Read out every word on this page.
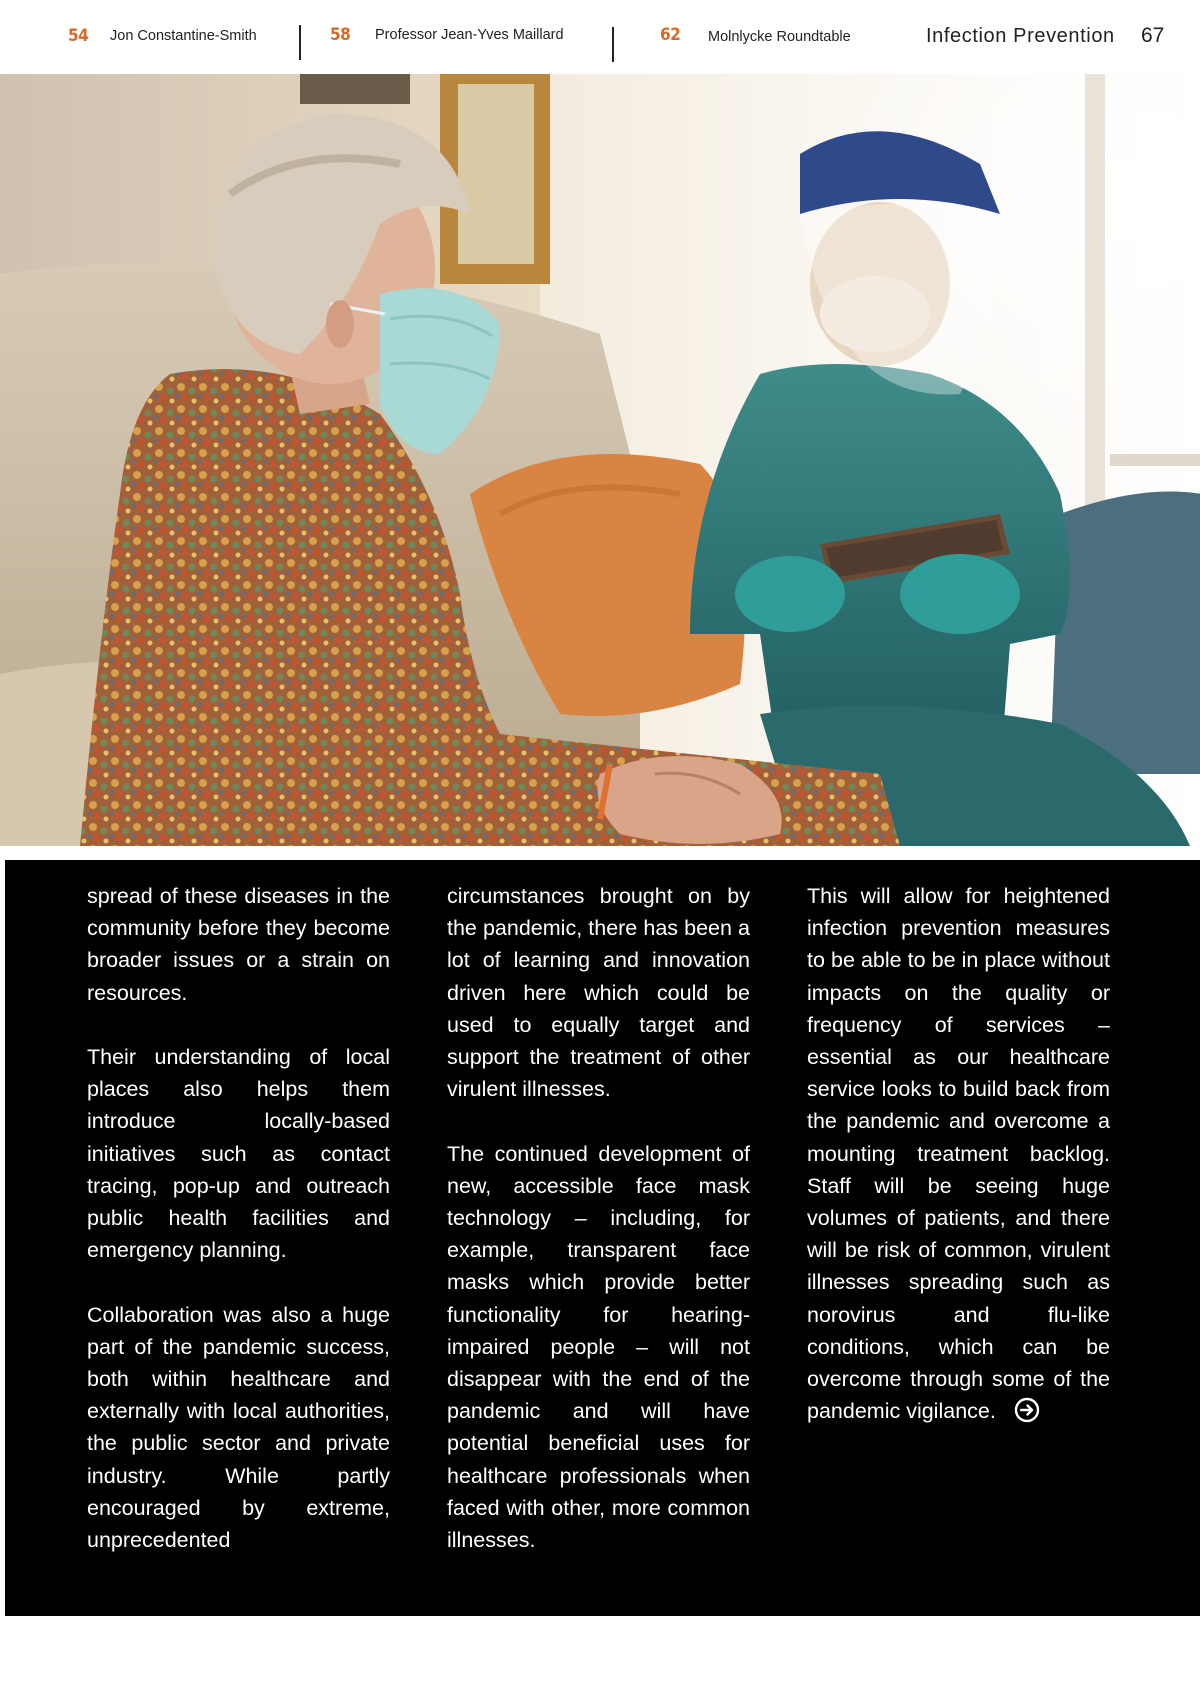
54 Jon Constantine-Smith	58 Professor Jean-Yves Maillard	62 Molnlycke Roundtable	Infection Prevention 67

spread of these diseases in the community before they become broader issues or a strain on resources.

Their understanding of local places also helps them introduce locally-based initiatives such as contact tracing, pop-up and outreach public health facilities and emergency planning.

Collaboration was also a huge part of the pandemic success, both within healthcare and externally with local authorities, the public sector and private industry. While partly encouraged by extreme, unprecedented

circumstances brought on by the pandemic, there has been a lot of learning and innovation driven here which could be used to equally target and support the treatment of other virulent illnesses.

The continued development of new, accessible face mask technology – including, for example, transparent face masks which provide better functionality for hearing-impaired people – will not disappear with the end of the pandemic and will have potential beneficial uses for healthcare professionals when faced with other, more common illnesses.

This will allow for heightened infection prevention measures to be able to be in place without impacts on the quality or frequency of services – essential as our healthcare service looks to build back from the pandemic and overcome a mounting treatment backlog. Staff will be seeing huge volumes of patients, and there will be risk of common, virulent illnesses spreading such as norovirus and flu-like conditions, which can be overcome through some of the pandemic vigilance.
